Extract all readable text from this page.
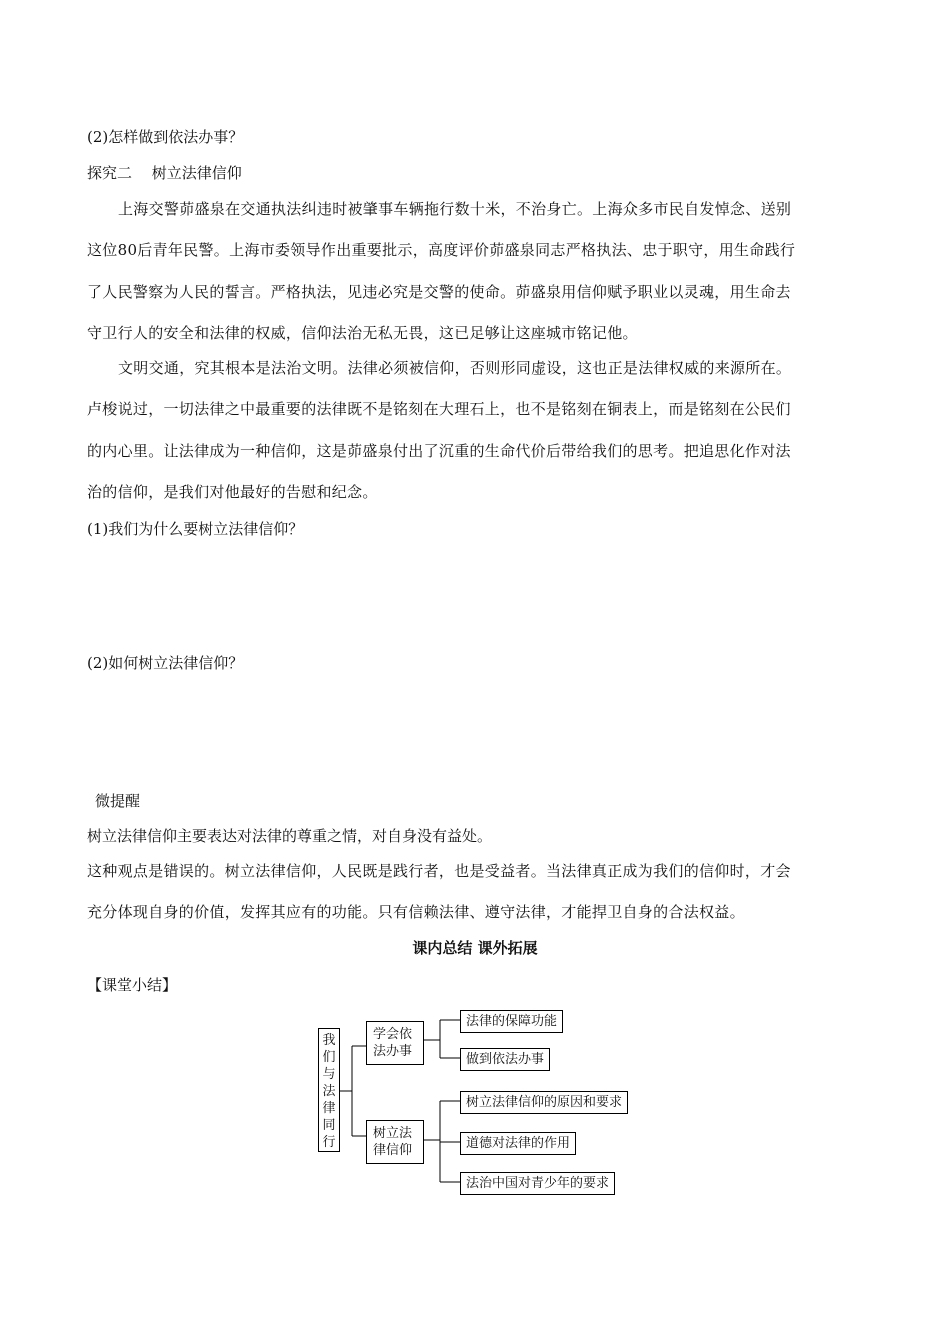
(2)怎样做到依法办事？
探究二　 树立法律信仰
上海交警茆盛泉在交通执法纠违时被肇事车辆拖行数十米，不治身亡。上海众多市民自发悼念、送别
这位80后青年民警。上海市委领导作出重要批示，高度评价茆盛泉同志严格执法、忠于职守，用生命践行
了人民警察为人民的誓言。严格执法，见违必究是交警的使命。茆盛泉用信仰赋予职业以灵魂，用生命去
守卫行人的安全和法律的权威，信仰法治无私无畏，这已足够让这座城市铭记他。
文明交通，究其根本是法治文明。法律必须被信仰，否则形同虚设，这也正是法律权威的来源所在。
卢梭说过，一切法律之中最重要的法律既不是铭刻在大理石上，也不是铭刻在铜表上，而是铭刻在公民们
的内心里。让法律成为一种信仰，这是茆盛泉付出了沉重的生命代价后带给我们的思考。把追思化作对法
治的信仰，是我们对他最好的告慰和纪念。
(1)我们为什么要树立法律信仰？
(2)如何树立法律信仰？
微提醒
树立法律信仰主要表达对法律的尊重之情，对自身没有益处。
这种观点是错误的。树立法律信仰，人民既是践行者，也是受益者。当法律真正成为我们的信仰时，才会
充分体现自身的价值，发挥其应有的功能。只有信赖法律、遵守法律，才能捍卫自身的合法权益。
课内总结 课外拓展
【课堂小结】
我们与法律同行
学会依法办事
树立法律信仰
法律的保障功能
做到依法办事
树立法律信仰的原因和要求
道德对法律的作用
法治中国对青少年的要求
